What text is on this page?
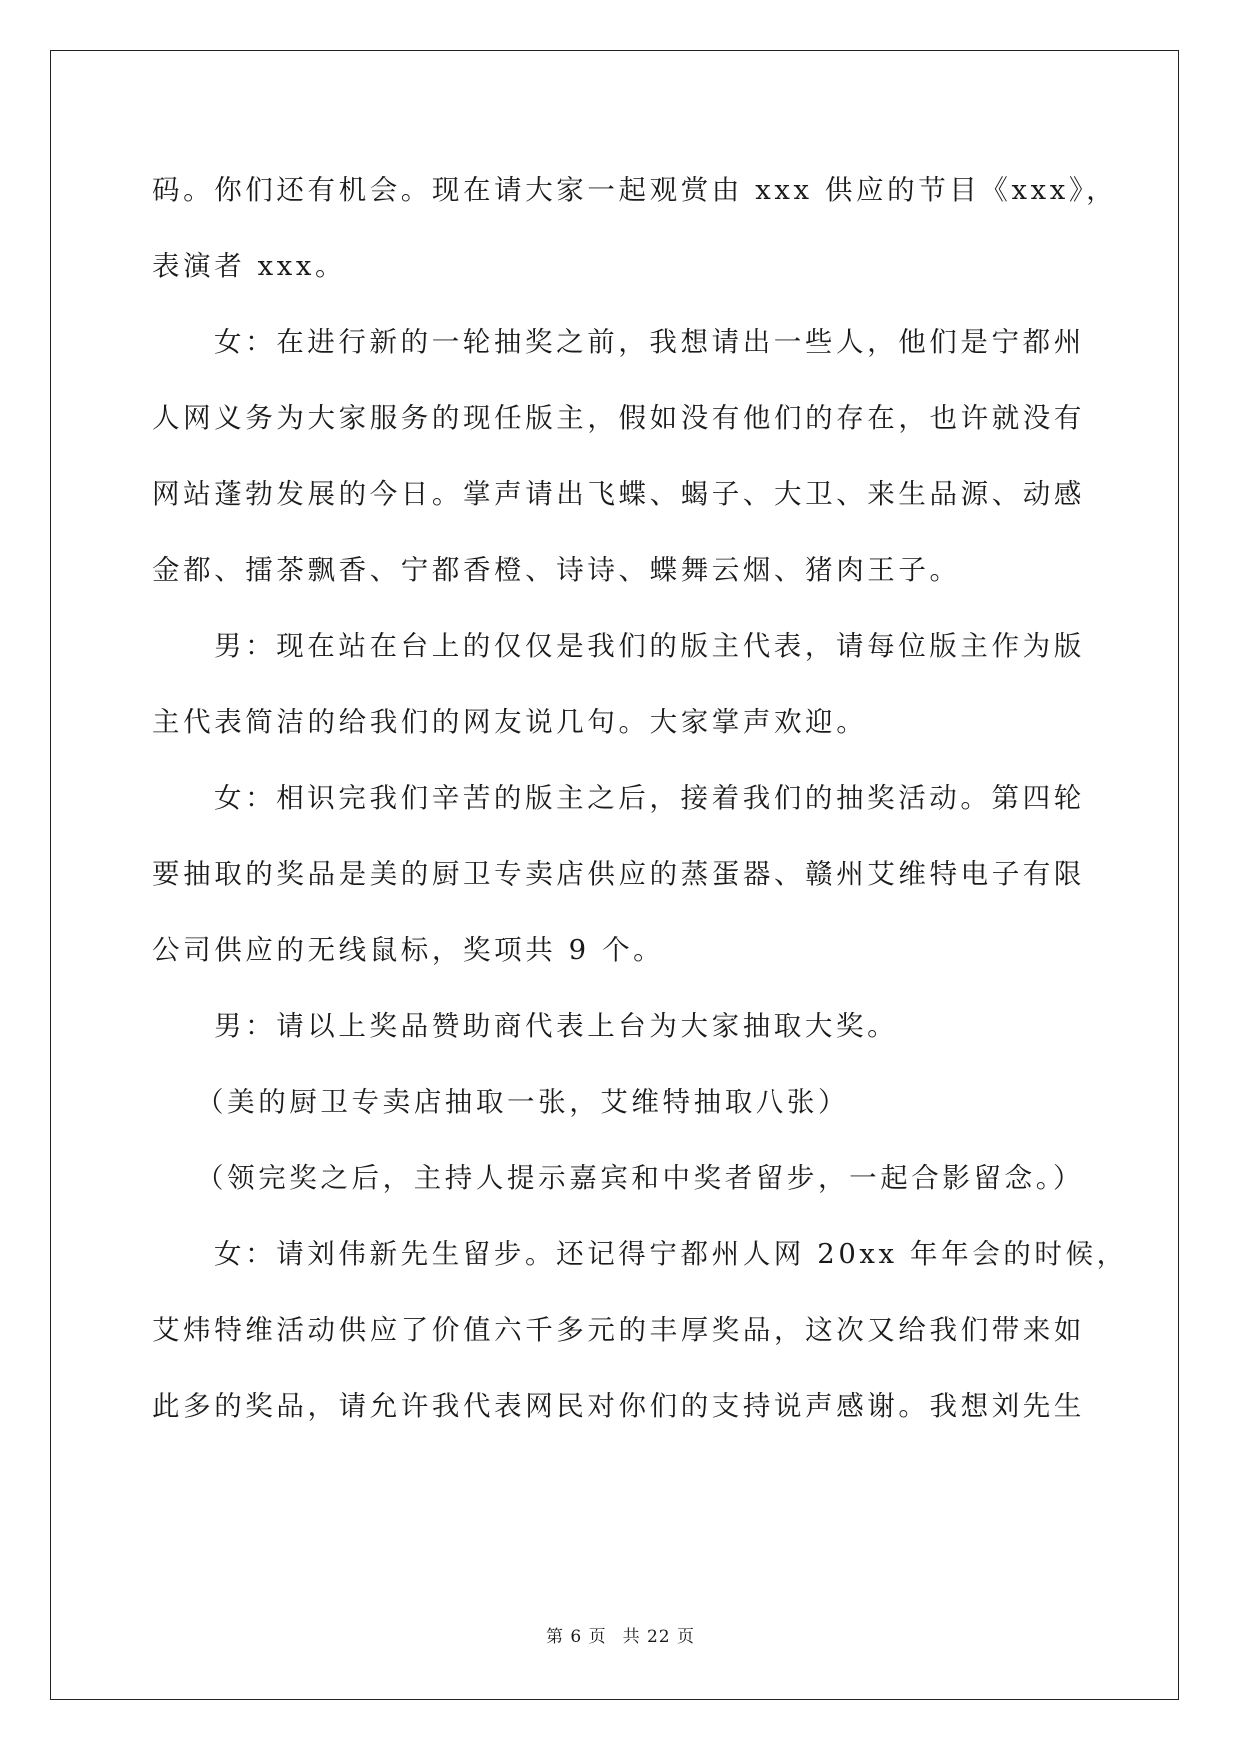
码。你们还有机会。现在请大家一起观赏由 xxx 供应的节目《xxx》，
表演者 xxx。
女：在进行新的一轮抽奖之前，我想请出一些人，他们是宁都州
人网义务为大家服务的现任版主，假如没有他们的存在，也许就没有
网站蓬勃发展的今日。掌声请出飞蝶、蝎子、大卫、来生品源、动感
金都、擂茶飘香、宁都香橙、诗诗、蝶舞云烟、猪肉王子。
男：现在站在台上的仅仅是我们的版主代表，请每位版主作为版
主代表简洁的给我们的网友说几句。大家掌声欢迎。
女：相识完我们辛苦的版主之后，接着我们的抽奖活动。第四轮
要抽取的奖品是美的厨卫专卖店供应的蒸蛋器、赣州艾维特电子有限
公司供应的无线鼠标，奖项共 9 个。
男：请以上奖品赞助商代表上台为大家抽取大奖。
（美的厨卫专卖店抽取一张，艾维特抽取八张）
（领完奖之后，主持人提示嘉宾和中奖者留步，一起合影留念。）
女：请刘伟新先生留步。还记得宁都州人网 20xx 年年会的时候，
艾炜特维活动供应了价值六千多元的丰厚奖品，这次又给我们带来如
此多的奖品，请允许我代表网民对你们的支持说声感谢。我想刘先生
第 6 页 共 22 页
